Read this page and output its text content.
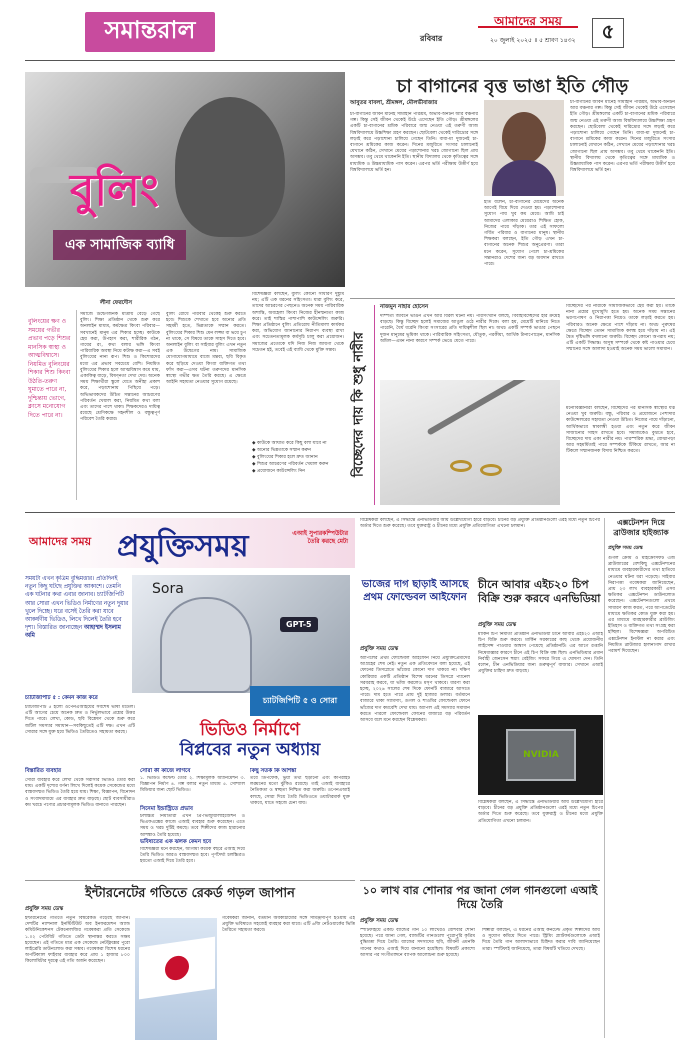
সমান্তরাল	আমাদের সময়
রবিবার	২০ জুলাই ২০২৫ ॥ ৫ শ্রাবণ ১৪৩২ ৫
বুলিং
এক সামাজিক ব্যাধি
লীনা ফেরদৌস
বুলিংয়ের ক্ষণ ও সময়ের গভীর প্রভাব পড়ে শিশুর মানসিক স্বাস্থ্য ও আত্মবিশ্বাসে। নিয়মিত বুলিংয়ের শিকার শিশু কিংবা উঠতি-তরুণ ঘুমাতে পারে না, দুশ্চিন্তায় ভোগে, ক্লাসে মনোযোগ দিতে পারে না।
সমাজে উদ্বেগজনক মাত্রায় বেড়ে গেছে বুলিং। শিক্ষা প্রতিষ্ঠান থেকে শুরু করে অনলাইন মাধ্যম, কর্মক্ষেত্র কিংবা পরিবার—সবখানেই মানুষ এর শিকার হচ্ছে। কাউকে হেয় করা, উপহাস করা, শারীরিক গঠন, গায়ের রং, কথা বলার ভঙ্গি কিংবা পারিবারিক অবস্থা নিয়ে কটাক্ষ করা—এ সবই বুলিংয়ের নানা রূপ। শিশু ও কিশোরদের মধ্যে এর প্রভাব সবচেয়ে বেশি। নিয়মিত বুলিংয়ের শিকার হলে আত্মবিশ্বাস কমে যায়, একাকিত্ব বাড়ে, বিষণ্নতা দেখা দেয়। অনেক সময় শিক্ষার্থীরা স্কুলে যেতে অনীহা প্রকাশ করে, পড়াশোনায় পিছিয়ে পড়ে। অভিভাবকদের উচিত সন্তানের আচরণের পরিবর্তন খেয়াল করা, নিয়মিত কথা বলা এবং তাদের পাশে থাকা। শিক্ষকদেরও দায়িত্ব রয়েছে শ্রেণিকক্ষে সহনশীল ও বন্ধুত্বপূর্ণ পরিবেশ তৈরি করার।
বুলিং রোধে পরিবার থেকেই শুরু করতে হবে। শিশুকে শেখাতে হবে অন্যের প্রতি সহমর্মী হতে, ভিন্নতাকে সম্মান করতে। বুলিংয়ের শিকার শিশু যেন লজ্জা বা ভয়ে চুপ না থাকে, সে বিষয়ে তাকে সাহস দিতে হবে। অনলাইন বুলিং বা সাইবার বুলিং এখন নতুন এক উদ্বেগের নাম। সামাজিক যোগাযোগমাধ্যমে বাজে মন্তব্য, ছবি বিকৃত করে ছড়িয়ে দেওয়া কিংবা ব্যক্তিগত তথ্য ফাঁস করা—এসব ঘটনা তরুণদের মানসিক স্বাস্থ্যে গভীর ক্ষত তৈরি করছে। এ ক্ষেত্রে আইনি সহায়তা নেওয়ার সুযোগ রয়েছে।
বিশেষজ্ঞরা বলছেন, বুলিং কোনো সাধারণ দুষ্টুমি নয়; এটি এক ধরনের সহিংসতা। যারা বুলিং করে, তাদের আচরণের পেছনেও অনেক সময় পারিবারিক অশান্তি, অবহেলা কিংবা নিজের হীনম্মন্যতা কাজ করে। তাই শাস্তির পাশাপাশি কাউন্সেলিং জরুরি। শিক্ষা প্রতিষ্ঠানে বুলিং প্রতিরোধ নীতিমালা কার্যকর করা, অভিযোগ জানানোর নিরাপদ ব্যবস্থা রাখা এবং সচেতনতামূলক কর্মসূচি চালু করা প্রয়োজন। সমাজের প্রত্যেকে যদি নিজ নিজ জায়গা থেকে সচেতন হই, তবেই এই ব্যাধি থেকে মুক্তি সম্ভব।
◆ কাউকে আঘাত করে কিছু বলা যাবে না
◆ অন্যের ভিন্নতাকে সম্মান করুন
◆ বুলিংয়ের শিকার হলে দ্রুত জানান
◆ শিশুর আচরণের পরিবর্তন খেয়াল করুন
◆ প্রয়োজনে কাউন্সেলিং নিন
চা বাগানের বৃত্ত ভাঙা ইতি গৌড়
আবুতর বাবলা, শ্রীমঙ্গল, মৌলভীবাজার
চা-বাগানের জীবন মানেই সীমাহীন পরিশ্রম, অভাব-অনটন আর বঞ্চনার গল্প। কিন্তু সেই জীবন থেকেই উঠে এসেছেন ইতি গৌড়। শ্রীমঙ্গলের একটি চা-বাগানের শ্রমিক পরিবারে জন্ম নেওয়া এই তরুণী আজ বিশ্ববিদ্যালয়ে উচ্চশিক্ষা গ্রহণ করছেন। ছোটবেলা থেকেই দারিদ্র্যের সঙ্গে লড়াই করে পড়াশোনা চালিয়ে গেছেন তিনি। বাবা-মা দুজনেই চা-বাগানে শ্রমিকের কাজ করেন। দিনের মজুরিতে সংসার চালানোই যেখানে কঠিন, সেখানে মেয়ের পড়াশোনার খরচ জোগানো ছিল প্রায় অসম্ভব। তবু থেমে থাকেননি ইতি। স্থানীয় বিদ্যালয় থেকে কৃতিত্বের সঙ্গে মাধ্যমিক ও উচ্চমাধ্যমিক পাস করেন। এরপর ভর্তি পরীক্ষায় উত্তীর্ণ হয়ে বিশ্ববিদ্যালয়ে ভর্তি হন।
ইতি বলেন, চা-বাগানের মেয়েদের অনেক আগেই বিয়ে দিয়ে দেওয়া হয়। পড়াশোনার সুযোগ পায় খুব কম মেয়ে। আমি চাই আমাদের এলাকার মেয়েরাও শিক্ষিত হোক, নিজের পায়ে দাঁড়াক। তার এই সাফল্যে গর্বিত পরিবার ও বাগানের মানুষ। স্থানীয় শিক্ষকরা বলছেন, ইতি গৌড় এখন চা-বাগানের অনেক শিশুর অনুপ্রেরণা। তারা মনে করেন, সুযোগ পেলে চা-শ্রমিকের সন্তানরাও দেশের জন্য বড় অবদান রাখতে পারে।
চা-বাগানের জীবন মানেই সীমাহীন পরিশ্রম, অভাব-অনটন আর বঞ্চনার গল্প। কিন্তু সেই জীবন থেকেই উঠে এসেছেন ইতি গৌড়। শ্রীমঙ্গলের একটি চা-বাগানের শ্রমিক পরিবারে জন্ম নেওয়া এই তরুণী আজ বিশ্ববিদ্যালয়ে উচ্চশিক্ষা গ্রহণ করছেন। ছোটবেলা থেকেই দারিদ্র্যের সঙ্গে লড়াই করে পড়াশোনা চালিয়ে গেছেন তিনি। বাবা-মা দুজনেই চা-বাগানে শ্রমিকের কাজ করেন। দিনের মজুরিতে সংসার চালানোই যেখানে কঠিন, সেখানে মেয়ের পড়াশোনার খরচ জোগানো ছিল প্রায় অসম্ভব। তবু থেমে থাকেননি ইতি। স্থানীয় বিদ্যালয় থেকে কৃতিত্বের সঙ্গে মাধ্যমিক ও উচ্চমাধ্যমিক পাস করেন। এরপর ভর্তি পরীক্ষায় উত্তীর্ণ হয়ে বিশ্ববিদ্যালয়ে ভর্তি হন।
বিচ্ছেদের দায় কি শুধু নারীর
নাজমুন নাহার হোসেন
দাম্পত্য জীবনে ভাঙন এখন আর বিরল ঘটনা নয়। পরিসংখ্যান বলছে, বিবাহবিচ্ছেদের হার ক্রমেই বাড়ছে। কিন্তু বিচ্ছেদ হলেই সমাজের আঙুল ওঠে নারীর দিকে। বলা হয়, মেয়েটি মানিয়ে নিতে পারেনি, ধৈর্য ধরেনি কিংবা সংসারের প্রতি দায়িত্বশীল ছিল না। অথচ একটি সম্পর্ক ভাঙার পেছনে দুজন মানুষের ভূমিকা থাকে। পারিবারিক সহিংসতা, যৌতুক, পরকীয়া, আর্থিক টানাপোড়েন, মানসিক অমিল—এমন নানা কারণে সম্পর্ক ভেঙে যেতে পারে।
বিচ্ছেদের পর নারীকে সামাজিকভাবে হেয় করা হয়। তাকে নানা প্রশ্নের মুখোমুখি হতে হয়। অনেক সময় সন্তানের ভরণপোষণ ও নিরাপত্তা নিয়েও তাকে লড়াই করতে হয়। পরিবারও অনেক ক্ষেত্রে পাশে দাঁড়ায় না। অথচ পুরুষের ক্ষেত্রে বিচ্ছেদ তেমন সামাজিক কলঙ্ক হয়ে দাঁড়ায় না। এই দ্বৈত দৃষ্টিভঙ্গি বদলানো জরুরি। বিচ্ছেদ কোনো অপরাধ নয়; এটি একটি সিদ্ধান্ত। অসুস্থ সম্পর্কে থেকে কষ্ট পাওয়ার চেয়ে সম্মানের সঙ্গে আলাদা হওয়াই অনেক সময় ভালো সমাধান।
মনোবিজ্ঞানীরা বলছেন, বিচ্ছেদের পর মানসিক স্বাস্থ্যের যত্ন নেওয়া খুব জরুরি। বন্ধু, পরিবার ও প্রয়োজনে পেশাদার কাউন্সেলরের সহায়তা নেওয়া উচিত। নিজের পায়ে দাঁড়ানো, আর্থিকভাবে স্বাবলম্বী হওয়া এবং নতুন করে জীবন সাজানোর সাহস রাখতে হবে। সমাজকেও বুঝতে হবে, বিচ্ছেদের দায় একা নারীর নয়। পারস্পরিক শ্রদ্ধা, বোঝাপড়া আর সহমর্মিতাই পারে সম্পর্ককে টিকিয়ে রাখতে, আর না টিকলে সম্মানজনক বিদায় নিশ্চিত করতে।
আমাদের সময় প্রযুক্তিসময়	এআই সুপারকম্পিউটার তৈরি করছে মেটা
বিশ্লেষকরা বলছেন, এ সিদ্ধান্তে এনভিডিয়ার আয় উল্লেখযোগ্য হারে বাড়বে। চীনের বড় প্রযুক্তি প্রতিষ্ঠানগুলো এরই মধ্যে নতুন চিপের অর্ডার দিতে শুরু করেছে। তবে যুক্তরাষ্ট্র ও চীনের মধ্যে প্রযুক্তি প্রতিযোগিতা এখনো চলমান।	এক্সটেনশন দিয়ে ব্রাউজার হাইজ্যাক
সময়টা এখন কৃত্রিম বুদ্ধিমত্তার। প্রতিদিনই নতুন কিছু ঘটছে প্রযুক্তির আকাশে। তেমনি এক ঘটনার কথা এবার জানাব। চ্যাটজিপিটি আর সোরা এখন ভিডিও নির্মাণের নতুন দুয়ার খুলে দিচ্ছে। ঘরে বসেই তৈরি করা যাবে আকর্ষণীয় ভিডিও, লিখে দিলেই তৈরি হবে দৃশ্য। বিস্তারিত জানাচ্ছেন আহাম্মদ ইসলাম অমি
Sora
GPT-5
চ্যাটজিপিটি ৫ ও সোরা
ভিডিও নির্মাণে
বিপ্লবের নতুন অধ্যায়
চ্যাটজিপিটি ৫ : কেমন কাজ করে
চ্যাটজিপিটি ৫ হলো ওপেনএআইয়ের সর্বশেষ ভাষা মডেল। এটি আগের চেয়ে অনেক দ্রুত ও নির্ভুলভাবে প্রশ্নের উত্তর দিতে পারে। লেখা, কোড, ছবি বিশ্লেষণ থেকে শুরু করে জটিল সমস্যার সমাধান—সবকিছুতেই এটি দক্ষ। এখন এটি সোরার সঙ্গে যুক্ত হয়ে ভিডিও তৈরিতেও সহায়তা করছে।
বিস্তারিত ব্যবহার
সোরা ব্যবহার করে লেখা থেকে সরাসরি ভিডিও তৈরি করা যায়। একটি দৃশ্যের বর্ণনা লিখে দিলেই কয়েক সেকেন্ডের মধ্যে বাস্তবসম্মত ভিডিও তৈরি হয়ে যায়। শিক্ষা, বিজ্ঞাপন, বিনোদন ও সংবাদমাধ্যমে এর ব্যবহার দ্রুত বাড়ছে। ছোট ব্যবসায়ীরাও কম খরচে পণ্যের প্রচারণামূলক ভিডিও বানাতে পারছেন।
সোরা কী কাজে লাগবে
১. ভিডিও কন্টেন্ট তৈরি ২. শিক্ষামূলক অ্যানিমেশন ৩. বিজ্ঞাপন নির্মাণ ৪. গল্প বলার নতুন মাধ্যম ৫. সোশ্যাল মিডিয়ার জন্য ছোট ভিডিও।
সিনেমা ইন্ডাস্ট্রিতে প্রভাব
চলচ্চিত্র নির্মাতারা এখন প্রি-ভিজ্যুয়ালাইজেশন ও ভিএফএক্সের কাজে এআই ব্যবহার শুরু করেছেন। এতে সময় ও খরচ দুটিই কমছে। তবে শিল্পীদের কাজ হারানোর আশঙ্কাও তৈরি হয়েছে।
ভবিষ্যতের এক ঝলক কেমন হবে
বিশেষজ্ঞরা মনে করছেন, আগামী কয়েক বছরে এআই দিয়ে তৈরি ভিডিও আরও বাস্তবসম্মত হবে। পূর্ণদৈর্ঘ্য চলচ্চিত্রও হয়তো এআই দিয়ে তৈরি হবে।
কিছু সতর্ক কি আশঙ্কা
তবে ডিপফেক, ভুয়া তথ্য ছড়ানো এবং কপিরাইট লঙ্ঘনের মতো ঝুঁকিও রয়েছে। তাই এআই ব্যবহারে নৈতিকতা ও স্বচ্ছতা নিশ্চিত করা জরুরি। ওপেনএআই বলছে, সোরা দিয়ে তৈরি ভিডিওতে ওয়াটারমার্ক যুক্ত থাকবে, যাতে সহজে চেনা যায়।
ভাজের দাগ ছাড়াই আসছে প্রথম ফোল্ডেবল আইফোন
প্রযুক্তি সময় ডেস্ক
অ্যাপলের প্রথম ফোল্ডেবল আইফোন নিয়ে প্রযুক্তিপ্রেমীদের আগ্রহের শেষ নেই। নতুন এক প্রতিবেদনে বলা হয়েছে, এই ফোনের ডিসপ্লেতে ভাঁজের কোনো দাগ থাকবে না। দক্ষিণ কোরিয়ার একটি প্রতিষ্ঠান বিশেষ ধরনের ডিসপ্লে প্যানেল সরবরাহ করবে, যা ভাঁজ করলেও মসৃণ থাকবে। ধারণা করা হচ্ছে, ২০২৬ সালের শেষ দিকে ফোনটি বাজারে আসতে পারে। দাম হতে পারে প্রায় দুই হাজার ডলার। বর্তমানে বাজারে থাকা স্যামসাং, গুগল ও শাওমির ফোল্ডেবল ফোনে ভাঁজের দাগ কমবেশি দেখা যায়। অ্যাপল এই সমস্যার সমাধান করতে পারলে ফোল্ডেবল ফোনের বাজারে বড় পরিবর্তন আসবে বলে মনে করছেন বিশ্লেষকরা।
চীনে আবার এইচ২০ চিপ বিক্রি শুরু করবে এনভিডিয়া
প্রযুক্তি সময় ডেস্ক
মার্কিন চিপ নির্মাতা প্রতিষ্ঠান এনভিডিয়া চীনে আবার এইচ২০ এআই চিপ বিক্রি শুরু করবে। মার্কিন সরকারের কাছ থেকে প্রয়োজনীয় লাইসেন্স পাওয়ার আশ্বাস পেয়েছে প্রতিষ্ঠানটি। এর আগে রপ্তানি নিষেধাজ্ঞার কারণে চীনে এই চিপ বিক্রি বন্ধ ছিল। এনভিডিয়ার প্রধান নির্বাহী জেনসেন হুয়াং বেইজিং সফরে গিয়ে এ ঘোষণা দেন। তিনি বলেন, চীন এনভিডিয়ার জন্য গুরুত্বপূর্ণ বাজার। সেখানে এআই প্রযুক্তির চাহিদা দ্রুত বাড়ছে।
NVIDIA
বিশ্লেষকরা বলছেন, এ সিদ্ধান্তে এনভিডিয়ার আয় উল্লেখযোগ্য হারে বাড়বে। চীনের বড় প্রযুক্তি প্রতিষ্ঠানগুলো এরই মধ্যে নতুন চিপের অর্ডার দিতে শুরু করেছে। তবে যুক্তরাষ্ট্র ও চীনের মধ্যে প্রযুক্তি প্রতিযোগিতা এখনো চলমান।
প্রযুক্তি সময় ডেস্ক
গুগল ক্রোম ও মাইক্রোসফট এজ ব্রাউজারের বেশকিছু এক্সটেনশনের মাধ্যমে ব্যবহারকারীদের তথ্য হাতিয়ে নেওয়ার ঘটনা ধরা পড়েছে। সাইবার নিরাপত্তা গবেষকরা জানিয়েছেন, প্রায় ২৩ লাখ ব্যবহারকারী এসব ক্ষতিকর এক্সটেনশন ডাউনলোড করেছেন। এক্সটেনশনগুলো প্রথমে সাধারণ কাজ করত, পরে আপডেটের মাধ্যমে ক্ষতিকর কোড যুক্ত করা হয়। এর মাধ্যমে ব্যবহারকারীর ব্রাউজিং ইতিহাস ও ব্যক্তিগত তথ্য সংগ্রহ করা হচ্ছিল। বিশেষজ্ঞরা অপরিচিত এক্সটেনশন ইনস্টল না করার এবং নিয়মিত ব্রাউজার হালনাগাদ রাখার পরামর্শ দিয়েছেন।
ইন্টারনেটের গতিতে রেকর্ড গড়ল জাপান
প্রযুক্তি সময় ডেস্ক
ইন্টারনেটের গতিতে নতুন বিশ্বরেকর্ড গড়েছে জাপান। দেশটির ন্যাশনাল ইনস্টিটিউট অব ইনফরমেশন অ্যান্ড কমিউনিকেশনস টেকনোলজির গবেষকরা প্রতি সেকেন্ডে ১.০২ পেটাবিট গতিতে ডেটা স্থানান্তর করতে সক্ষম হয়েছেন। এই গতিতে মাত্র এক সেকেন্ডে নেটফ্লিক্সের পুরো লাইব্রেরি ডাউনলোড করা সম্ভব। গবেষকরা বিশেষ ধরনের অপটিক্যাল ফাইবার ব্যবহার করে প্রায় ১ হাজার ৮০০ কিলোমিটার দূরত্বে এই গতি অর্জন করেছেন।
গবেষকরা জানান, বর্তমান অবকাঠামোর সঙ্গে সামঞ্জস্যপূর্ণ হওয়ায় এই প্রযুক্তি ভবিষ্যতে সহজেই ব্যবহার করা যাবে। এটি ৬জি নেটওয়ার্কের ভিত্তি তৈরিতে সহায়তা করবে।
১০ লাখ বার শোনার পর জানা গেল গানগুলো এআই দিয়ে তৈরি
প্রযুক্তি সময় ডেস্ক
স্পটিফাইয়ে একটি ব্যান্ডের গান ১০ লাখেরও বেশিবার শোনা হয়েছে। পরে জানা গেল, ব্যান্ডটির গানগুলো পুরোপুরি কৃত্রিম বুদ্ধিমত্তা দিয়ে তৈরি। ব্যান্ডের সদস্যদের ছবি, জীবনী এমনকি গানের কথাও এআই দিয়ে বানানো হয়েছিল। বিষয়টি প্রকাশ্যে আসার পর সংগীতাঙ্গনে ব্যাপক আলোচনা শুরু হয়েছে।
শিল্পীরা বলছেন, এ ধরনের এআই কনটেন্ট প্রকৃত শিল্পীদের আয় ও সুযোগ কমিয়ে দিতে পারে। স্ট্রিমিং প্ল্যাটফর্মগুলোকে এআই দিয়ে তৈরি গান আলাদাভাবে চিহ্নিত করার দাবি জানিয়েছেন তারা। স্পটিফাই জানিয়েছে, তারা বিষয়টি খতিয়ে দেখছে।
